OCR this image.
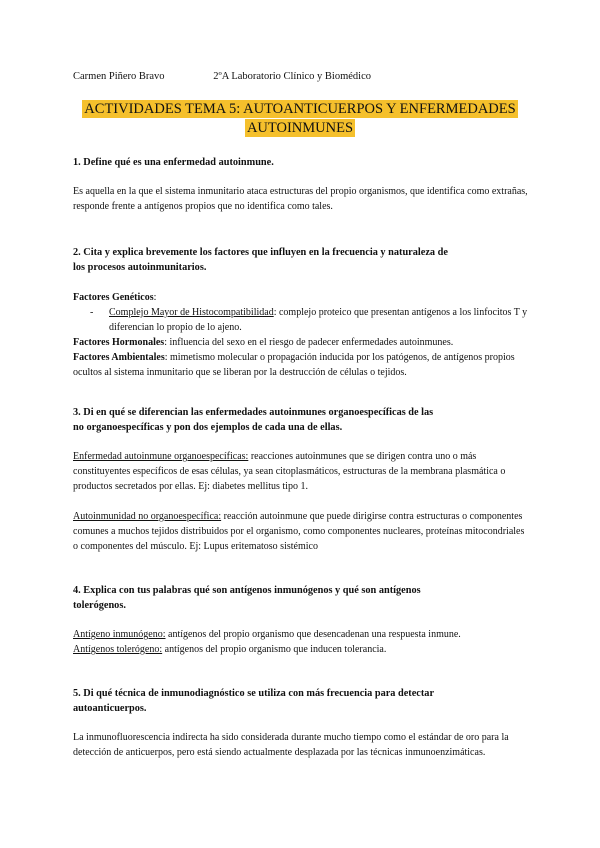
Carmen Piñero Bravo	2ºA Laboratorio Clínico y Biomédico
ACTIVIDADES TEMA 5: AUTOANTICUERPOS Y ENFERMEDADES
AUTOINMUNES

1. Define qué es una enfermedad autoinmune.

Es aquella en la que el sistema inmunitario ataca estructuras del propio organismos, que identifica como extrañas, responde frente a antígenos propios que no identifica como tales.

2. Cita y explica brevemente los factores que influyen en la frecuencia y naturaleza de
los procesos autoinmunitarios.

Factores Genéticos:

- Complejo Mayor de Histocompatibilidad: complejo proteico que presentan antígenos a los linfocitos T y diferencian lo propio de lo ajeno.

Factores Hormonales: influencia del sexo en el riesgo de padecer enfermedades autoinmunes.

Factores Ambientales: mimetismo molecular o propagación inducida por los patógenos, de antígenos propios ocultos al sistema inmunitario que se liberan por la destrucción de células o tejidos.

3. Di en qué se diferencian las enfermedades autoinmunes organoespecíficas de las
no organoespecíficas y pon dos ejemplos de cada una de ellas.

Enfermedad autoinmune organoespecíficas: reacciones autoinmunes que se dirigen contra uno o más constituyentes específicos de esas células, ya sean citoplasmáticos, estructuras de la membrana plasmática o productos secretados por ellas. Ej: diabetes mellitus tipo 1.

Autoinmunidad no organoespecífica: reacción autoinmune que puede dirigirse contra estructuras o componentes comunes a muchos tejidos distribuidos por el organismo, como componentes nucleares, proteínas mitocondriales o componentes del músculo. Ej: Lupus eritematoso sistémico

4. Explica con tus palabras qué son antígenos inmunógenos y qué son antígenos
tolerógenos.

Antígeno inmunógeno: antígenos del propio organismo que desencadenan una respuesta inmune.

Antígenos tolerógeno: antígenos del propio organismo que inducen tolerancia.

5. Di qué técnica de inmunodiagnóstico se utiliza con más frecuencia para detectar
autoanticuerpos.

La inmunofluorescencia indirecta ha sido considerada durante mucho tiempo como el estándar de oro para la detección de anticuerpos, pero está siendo actualmente desplazada por las técnicas inmunoenzimáticas.
